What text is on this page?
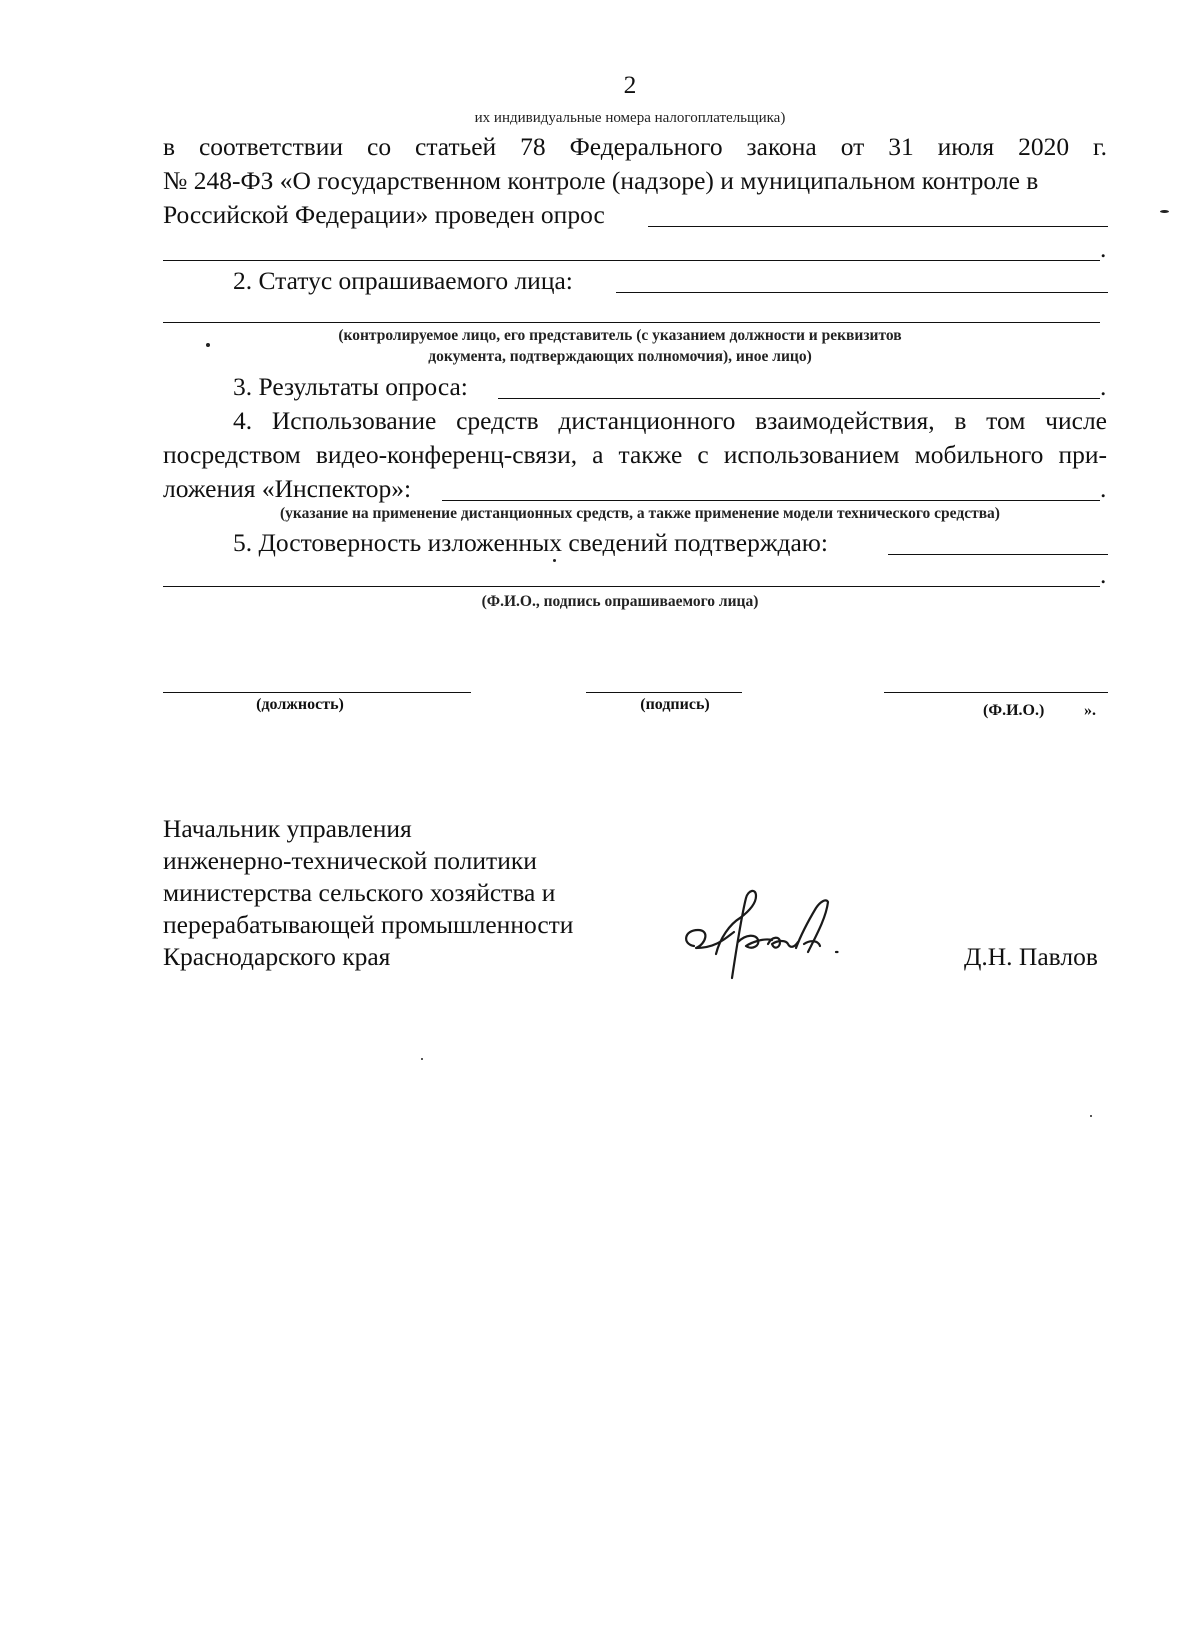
2
их индивидуальные номера налогоплательщика)
в соответствии со статьей 78 Федерального закона от 31 июля 2020 г.
№ 248-ФЗ «О государственном контроле (надзоре) и муниципальном контроле в
Российской Федерации» проведен опрос
.
2. Статус опрашиваемого лица:
(контролируемое лицо, его представитель (с указанием должности и реквизитов
документа, подтверждающих полномочия), иное лицо)
3. Результаты опроса:	.
4. Использование средств дистанционного взаимодействия, в том числе
посредством видео-конференц-связи, а также с использованием мобильного при-
ложения «Инспектор»:	.
(указание на применение дистанционных средств, а также применение модели технического средства)
5. Достоверность изложенных сведений подтверждаю:
.
(Ф.И.О., подпись опрашиваемого лица)
(должность)	(подпись)	(Ф.И.О.) ».
Начальник управления
инженерно-технической политики
министерства сельского хозяйства и
перерабатывающей промышленности
Краснодарского края	Д.Н. Павлов
